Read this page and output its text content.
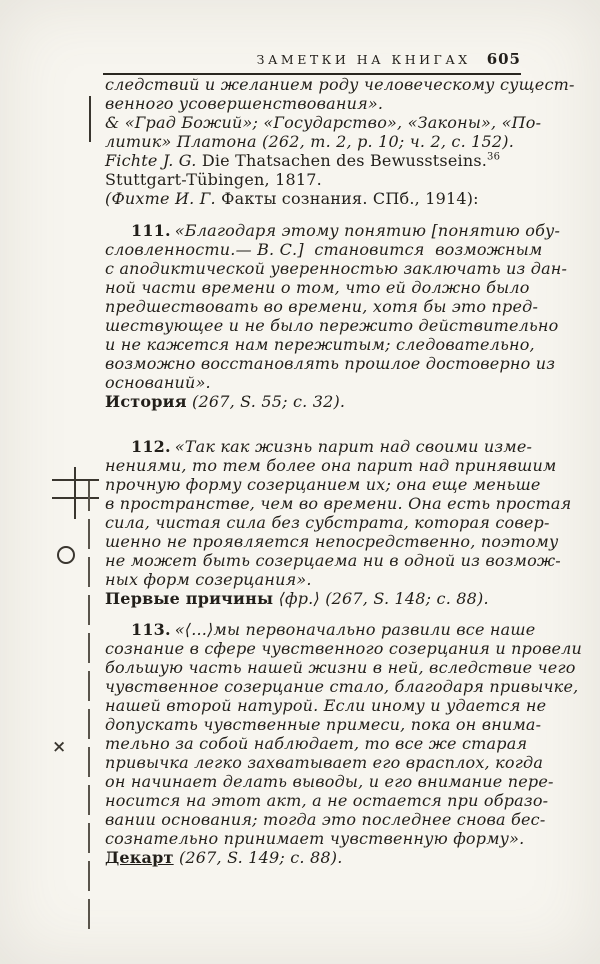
ЗАМЕТКИ НА КНИГАХ 605

следствий и желанием роду человеческому сущест-
венного усовершенствования».

& «Град Божий»; «Государство», «Законы», «По-
литик» Платона (262, т. 2, р. 10; ч. 2, с. 152).

Fichte J. G. Die Thatsachen des Bewusstseins.$^{36}$
Stuttgart-Tübingen, 1817.
(Фихте И. Г. Факты сознания. СПб., 1914):

111. «Благодаря этому понятию [понятию обу-
словленности.— В. С.]  становится  возможным
с аподиктической уверенностью заключать из дан-
ной части времени о том, что ей должно было
предшествовать во времени, хотя бы это пред-
шествующее и не было пережито действительно
и не кажется нам пережитым; следовательно,
возможно восстановлять прошлое достоверно из
оснований».

История (267, S. 55; с. 32).

112. «Так как жизнь парит над своими изме-
нениями, то тем более она парит над принявшим
прочную форму созерцанием их; она еще меньше
в пространстве, чем во времени. Она есть простая
сила, чистая сила без субстрата, которая совер-
шенно не проявляется непосредственно, поэтому
не может быть созерцаема ни в одной из возмож-
ных форм созерцания».

Первые причины ⟨фр.⟩ (267, S. 148; с. 88).

113. «⟨...⟩мы первоначально развили все наше
сознание в сфере чувственного созерцания и провели
большую часть нашей жизни в ней, вследствие чего
чувственное созерцание стало, благодаря привычке,
нашей второй натурой. Если иному и удается не
допускать чувственные примеси, пока он внима-
тельно за собой наблюдает, то все же старая
привычка легко захватывает его врасплох, когда
он начинает делать выводы, и его внимание пере-
носится на этот акт, а не остается при образо-
вании основания; тогда это последнее снова бес-
сознательно принимает чувственную форму».

Декарт (267, S. 149; с. 88).

×
